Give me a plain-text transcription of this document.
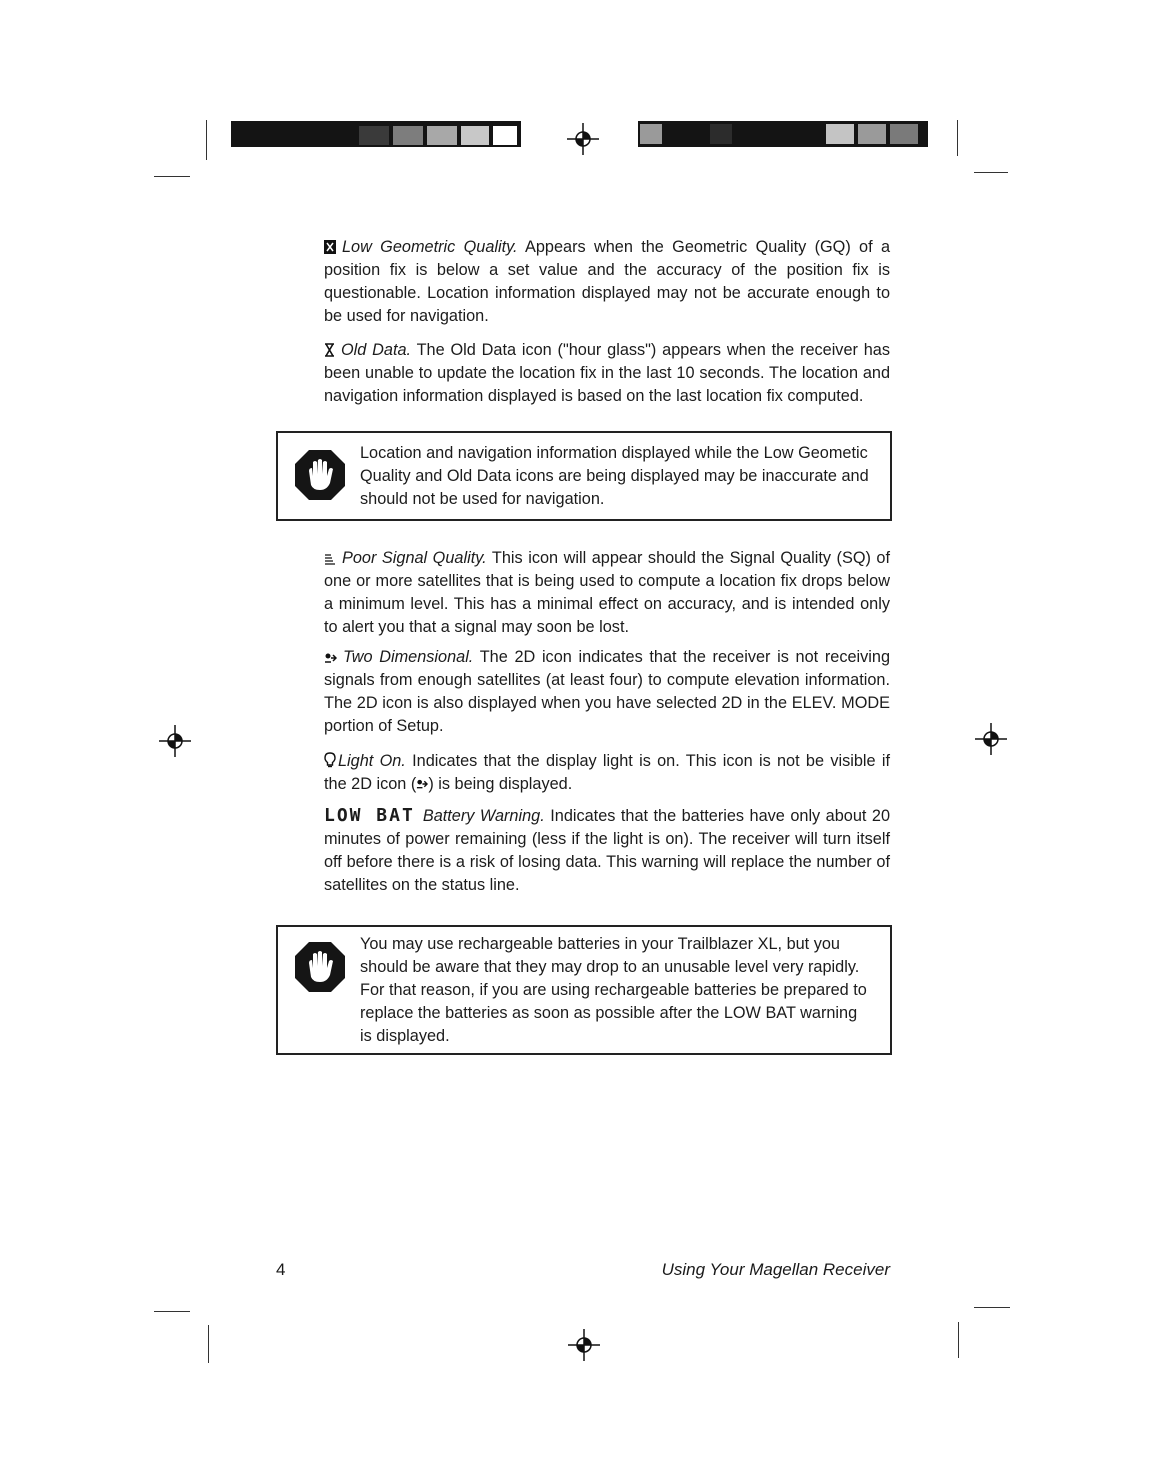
Low Geometric Quality. Appears when the Geometric Quality (GQ) of a position fix is below a set value and the accuracy of the position fix is questionable. Location information displayed may not be accurate enough to be used for navigation.
Old Data. The Old Data icon ("hour glass") appears when the receiver has been unable to update the location fix in the last 10 seconds. The location and navigation information displayed is based on the last location fix computed.
Location and navigation information displayed while the Low Geometic Quality and Old Data icons are being displayed may be inaccurate and should not be used for navigation.
Poor Signal Quality. This icon will appear should the Signal Quality (SQ) of one or more satellites that is being used to compute a location fix drops below a minimum level. This has a minimal effect on accuracy, and is intended only to alert you that a signal may soon be lost.
Two Dimensional. The 2D icon indicates that the receiver is not receiving signals from enough satellites (at least four) to compute elevation information. The 2D icon is also displayed when you have selected 2D in the ELEV. MODE portion of Setup.
Light On. Indicates that the display light is on. This icon is not be visible if the 2D icon ( ) is being displayed.
LOW BAT Battery Warning. Indicates that the batteries have only about 20 minutes of power remaining (less if the light is on). The receiver will turn itself off before there is a risk of losing data. This warning will replace the number of satellites on the status line.
You may use rechargeable batteries in your Trailblazer XL, but you should be aware that they may drop to an unusable level very rapidly. For that reason, if you are using rechargeable batteries be prepared to replace the batteries as soon as possible after the LOW BAT warning is displayed.
4	Using Your Magellan Receiver
